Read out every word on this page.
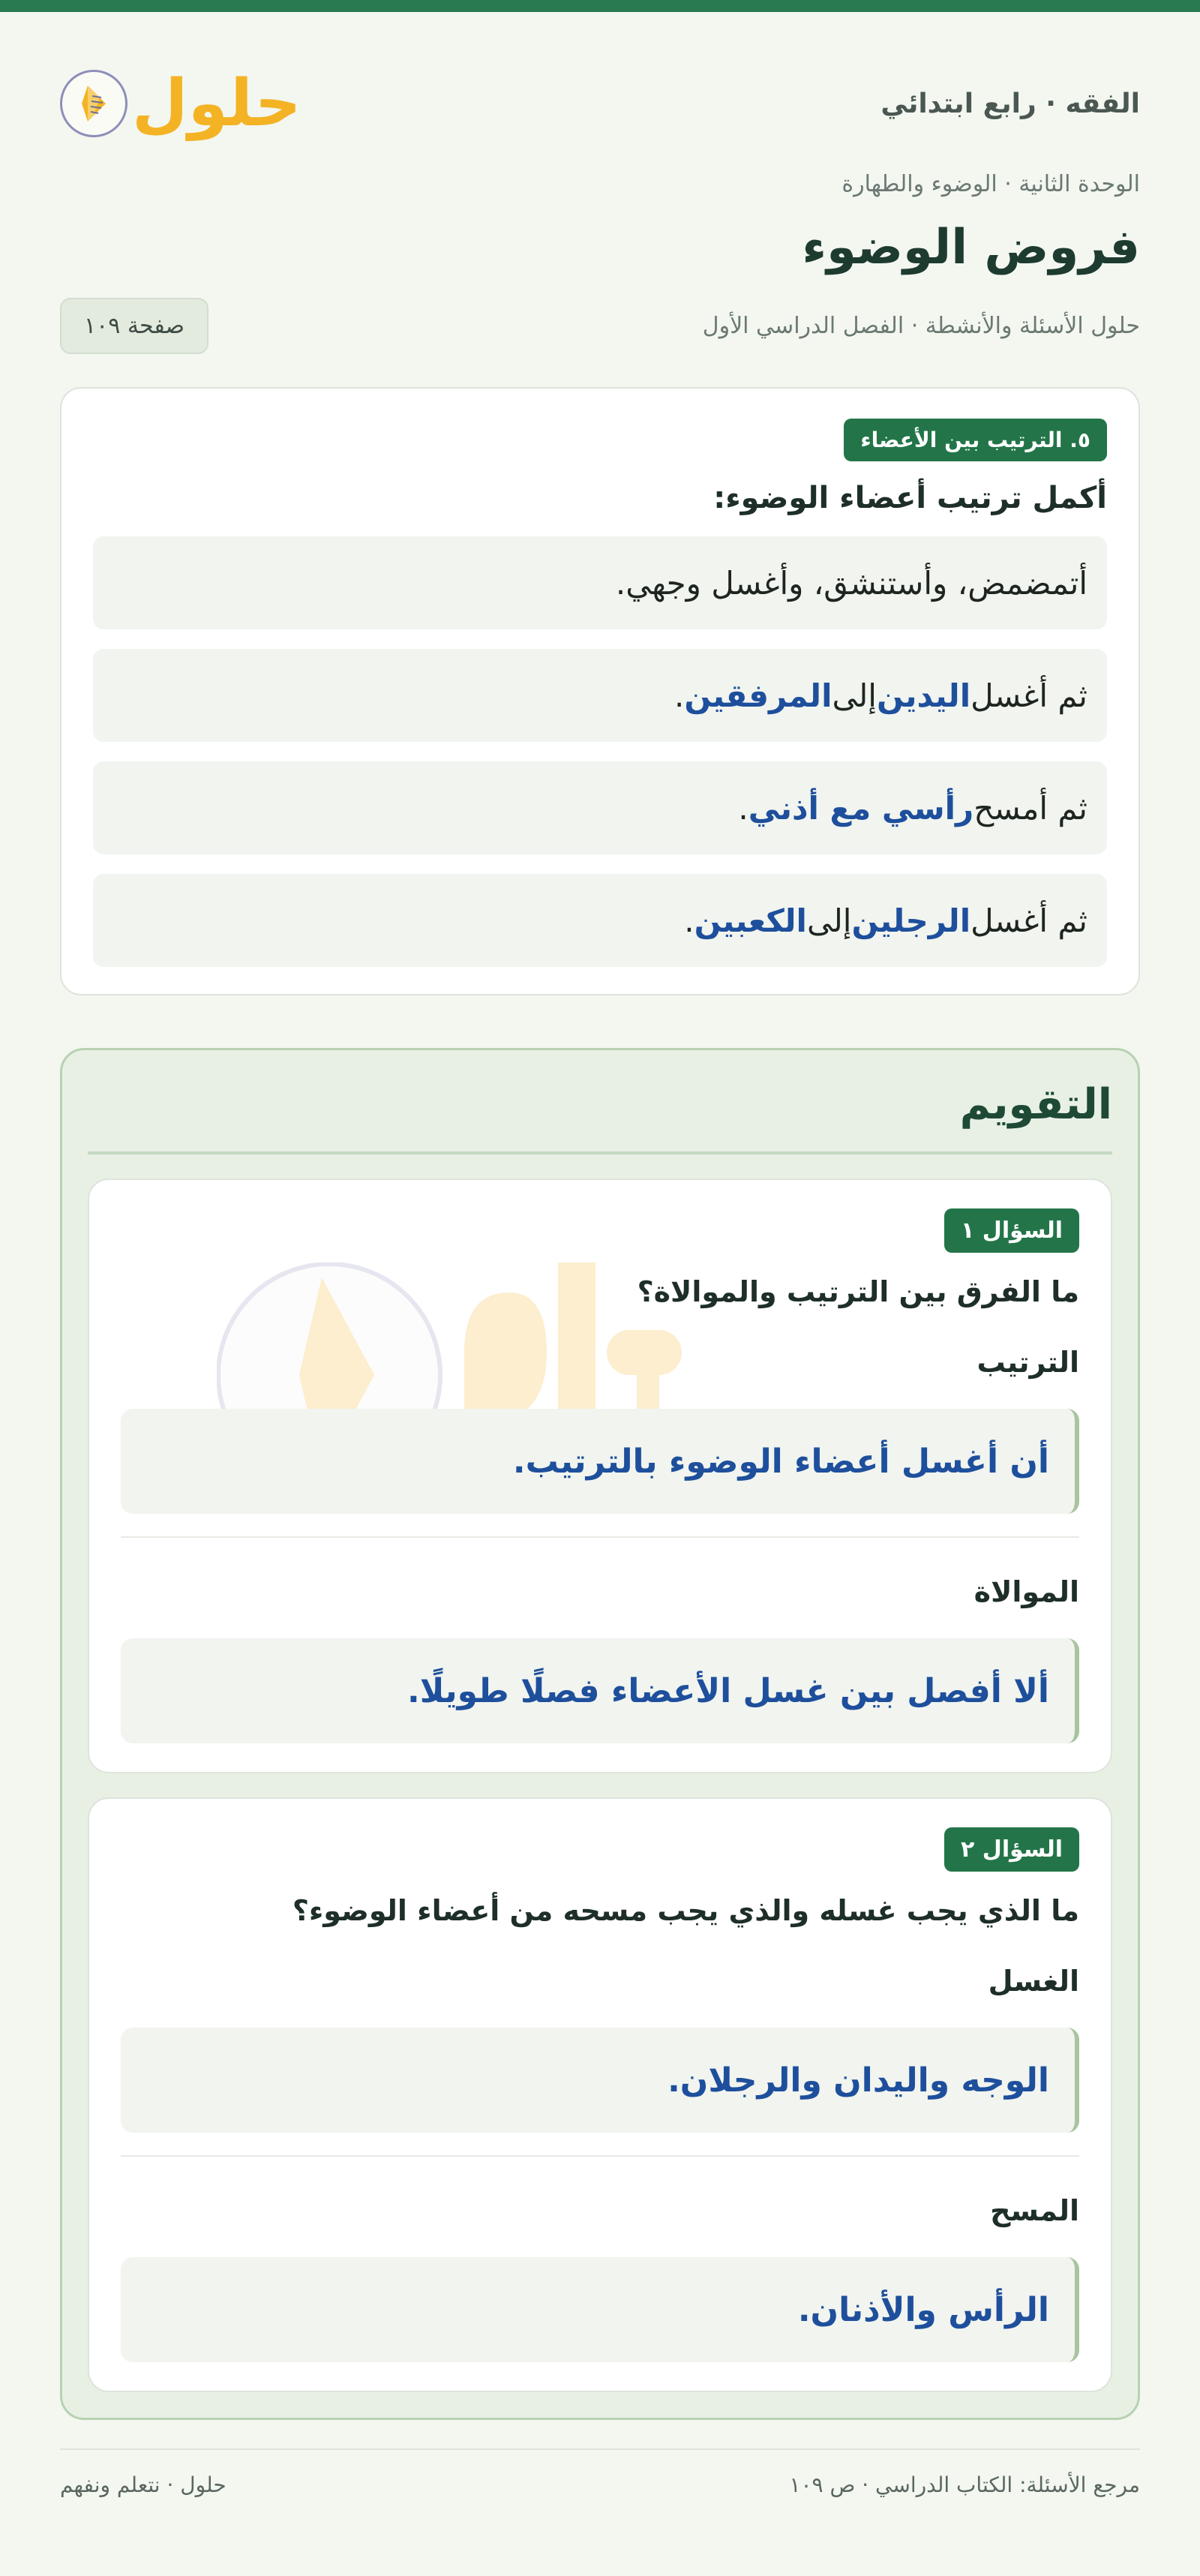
الفقه · رابع ابتدائي
حلول
الوحدة الثانية · الوضوء والطهارة
فروض الوضوء
حلول الأسئلة والأنشطة · الفصل الدراسي الأول
صفحة ١٠٩
٥. الترتيب بين الأعضاء
أكمل ترتيب أعضاء الوضوء:
أتمضمض، وأستنشق، وأغسل وجهي.
ثم أغسل
اليدين
إلى
المرفقين
.
ثم أمسح
رأسي مع أذني
.
ثم أغسل
الرجلين
إلى
الكعبين
.
التقويم
السؤال ١
ما الفرق بين الترتيب والموالاة؟
الترتيب
أن أغسل أعضاء الوضوء بالترتيب.
الموالاة
ألا أفصل بين غسل الأعضاء فصلًا طويلًا.
السؤال ٢
ما الذي يجب غسله والذي يجب مسحه من أعضاء الوضوء؟
الغسل
الوجه واليدان والرجلان.
المسح
الرأس والأذنان.
مرجع الأسئلة: الكتاب الدراسي · ص ١٠٩
حلول · نتعلم ونفهم
